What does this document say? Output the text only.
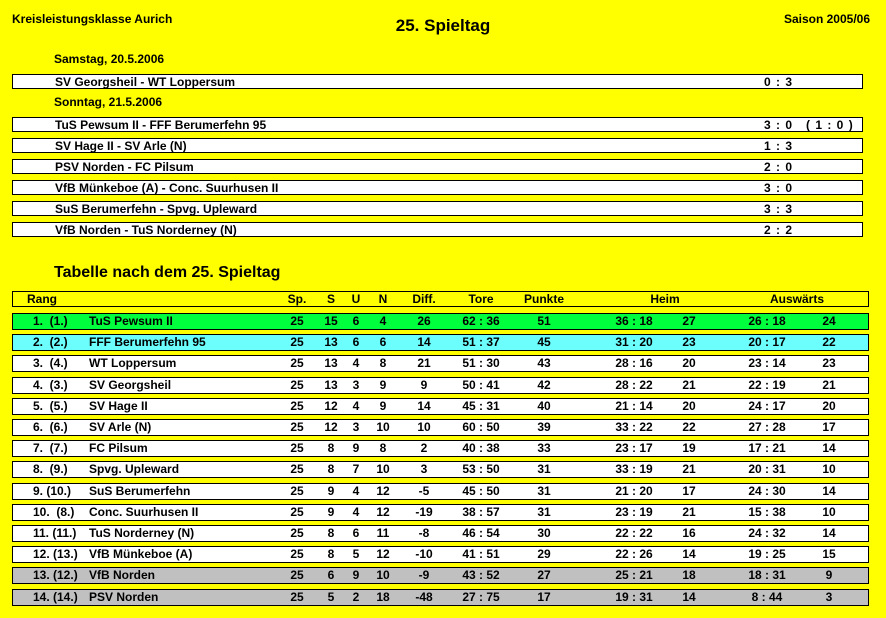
Kreisleistungsklasse Aurich	25. Spieltag	Saison 2005/06
Samstag, 20.5.2006
SV Georgsheil - WT Loppersum	0 : 3
Sonntag, 21.5.2006
TuS Pewsum II - FFF Berumerfehn 95	3 : 0   ( 1 : 0 )
SV Hage II - SV Arle (N)	1 : 3
PSV Norden - FC Pilsum	2 : 0
VfB Münkeboe (A) - Conc. Suurhusen II	3 : 0
SuS Berumerfehn - Spvg. Upleward	3 : 3
VfB Norden - TuS Norderney (N)	2 : 2
Tabelle nach dem 25. Spieltag
Rang	Sp. S U N Diff.	Tore	Punkte	Heim	Auswärts
1.  (1.) TuS Pewsum II	25 15 6 4	26	62 : 36	51	36 : 18 27	26 : 18	24
2.  (2.) FFF Berumerfehn 95	25 13 6 6	14	51 : 37	45	31 : 20 23	20 : 17	22
3.  (4.) WT Loppersum	25 13 4 8	21	51 : 30	43	28 : 16 20	23 : 14	23
4.  (3.) SV Georgsheil	25 13 3 9	9	50 : 41	42	28 : 22 21	22 : 19	21
5.  (5.) SV Hage II	25 12 4 9	14	45 : 31	40	21 : 14 20	24 : 17	20
6.  (6.) SV Arle (N)	25 12 3 10 10	60 : 50	39	33 : 22 22	27 : 28	17
7.  (7.) FC Pilsum	25 8 9 8	2	40 : 38	33	23 : 17 19	17 : 21	14
8.  (9.) Spvg. Upleward	25 8 7 10	3	53 : 50	31	33 : 19 21	20 : 31	10
9. (10.) SuS Berumerfehn	25 9 4 12 -5	45 : 50	31	21 : 20 17	24 : 30	14
10.  (8.) Conc. Suurhusen II	25 9 4 12 -19 38 : 57	31	23 : 19 21	15 : 38	10
11. (11.) TuS Norderney (N)	25 8 6 11 -8	46 : 54	30	22 : 22 16	24 : 32	14
12. (13.) VfB Münkeboe (A)	25 8 5 12 -10 41 : 51	29	22 : 26 14	19 : 25	15
13. (12.) VfB Norden	25 6 9 10 -9	43 : 52	27	25 : 21 18	18 : 31	9
14. (14.) PSV Norden	25 5 2 18 -48 27 : 75	17	19 : 31 14	8 : 44	3
